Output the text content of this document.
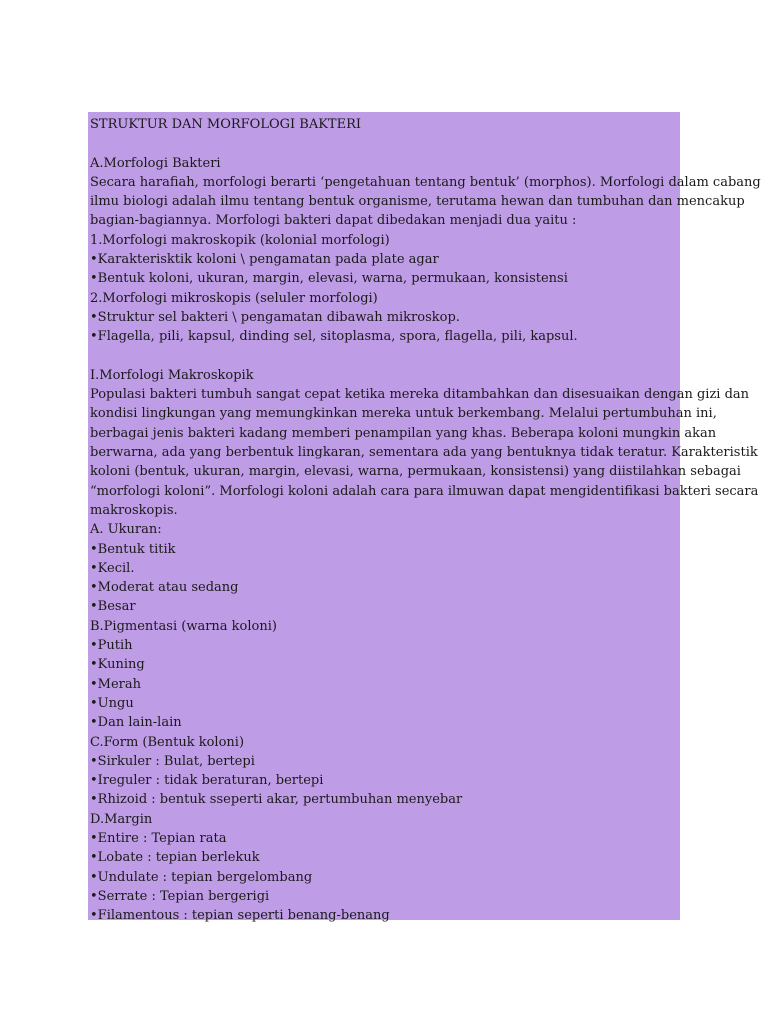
STRUKTUR DAN MORFOLOGI BAKTERI
A.Morfologi Bakteri
Secara harafiah, morfologi berarti ‘pengetahuan tentang bentuk’ (morphos). Morfologi dalam cabang
ilmu biologi adalah ilmu tentang bentuk organisme, terutama hewan dan tumbuhan dan mencakup
bagian-bagiannya. Morfologi bakteri dapat dibedakan menjadi dua yaitu :
1.Morfologi makroskopik (kolonial morfologi)
•Karakterisktik koloni \ pengamatan pada plate agar
•Bentuk koloni, ukuran, margin, elevasi, warna, permukaan, konsistensi
2.Morfologi mikroskopis (seluler morfologi)
•Struktur sel bakteri \ pengamatan dibawah mikroskop.
•Flagella, pili, kapsul, dinding sel, sitoplasma, spora, flagella, pili, kapsul.
I.Morfologi Makroskopik
Populasi bakteri tumbuh sangat cepat ketika mereka ditambahkan dan disesuaikan dengan gizi dan
kondisi lingkungan yang memungkinkan mereka untuk berkembang. Melalui pertumbuhan ini,
berbagai jenis bakteri kadang memberi penampilan yang khas. Beberapa koloni mungkin akan
berwarna, ada yang berbentuk lingkaran, sementara ada yang bentuknya tidak teratur. Karakteristik
koloni (bentuk, ukuran, margin, elevasi, warna, permukaan, konsistensi) yang diistilahkan sebagai
“morfologi koloni”. Morfologi koloni adalah cara para ilmuwan dapat mengidentifikasi bakteri secara
makroskopis.
A. Ukuran:
•Bentuk titik
•Kecil.
•Moderat atau sedang
•Besar
B.Pigmentasi (warna koloni)
•Putih
•Kuning
•Merah
•Ungu
•Dan lain-lain
C.Form (Bentuk koloni)
•Sirkuler : Bulat, bertepi
•Ireguler : tidak beraturan, bertepi
•Rhizoid : bentuk sseperti akar, pertumbuhan menyebar
D.Margin
•Entire : Tepian rata
•Lobate : tepian berlekuk
•Undulate : tepian bergelombang
•Serrate : Tepian bergerigi
•Filamentous : tepian seperti benang-benang
